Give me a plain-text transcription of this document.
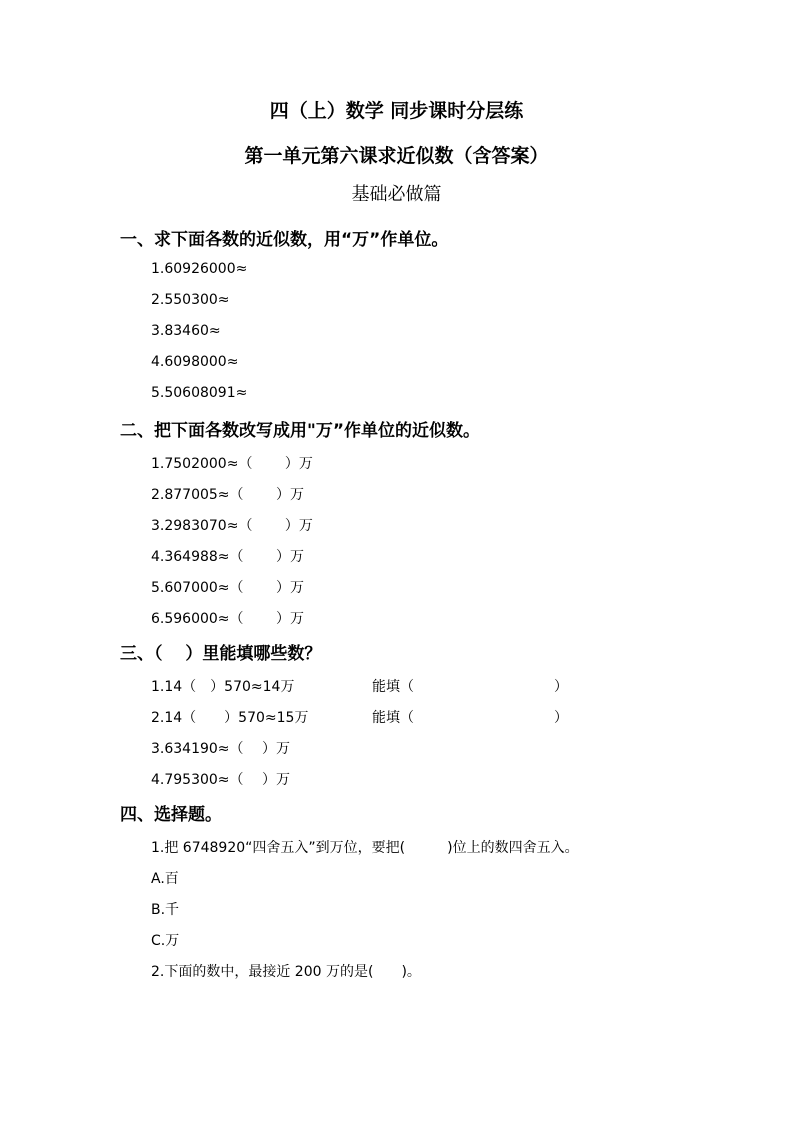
四（上）数学 同步课时分层练
第一单元第六课求近似数（含答案）
基础必做篇
一、求下面各数的近似数，用“万”作单位。
1.60926000≈
2.550300≈
3.83460≈
4.6098000≈
5.50608091≈
二、把下面各数改写成用"万”作单位的近似数。
1.7502000≈（　　 ）万
2.877005≈（　　 ）万
3.2983070≈（　　 ）万
4.364988≈（　　 ）万
5.607000≈（　　 ）万
6.596000≈（　　 ）万
三、（　 ）里能填哪些数？
1.14（　）570≈14万	能填（　　　　　　　　　　）
2.14（　　）570≈15万	能填（　　　　　　　　　　）
3.634190≈（　 ）万
4.795300≈（　 ）万
四、选择题。
1.把 6748920“四舍五入”到万位，要把(　　　)位上的数四舍五入。
A.百
B.千
C.万
2.下面的数中，最接近 200 万的是(　　)。
